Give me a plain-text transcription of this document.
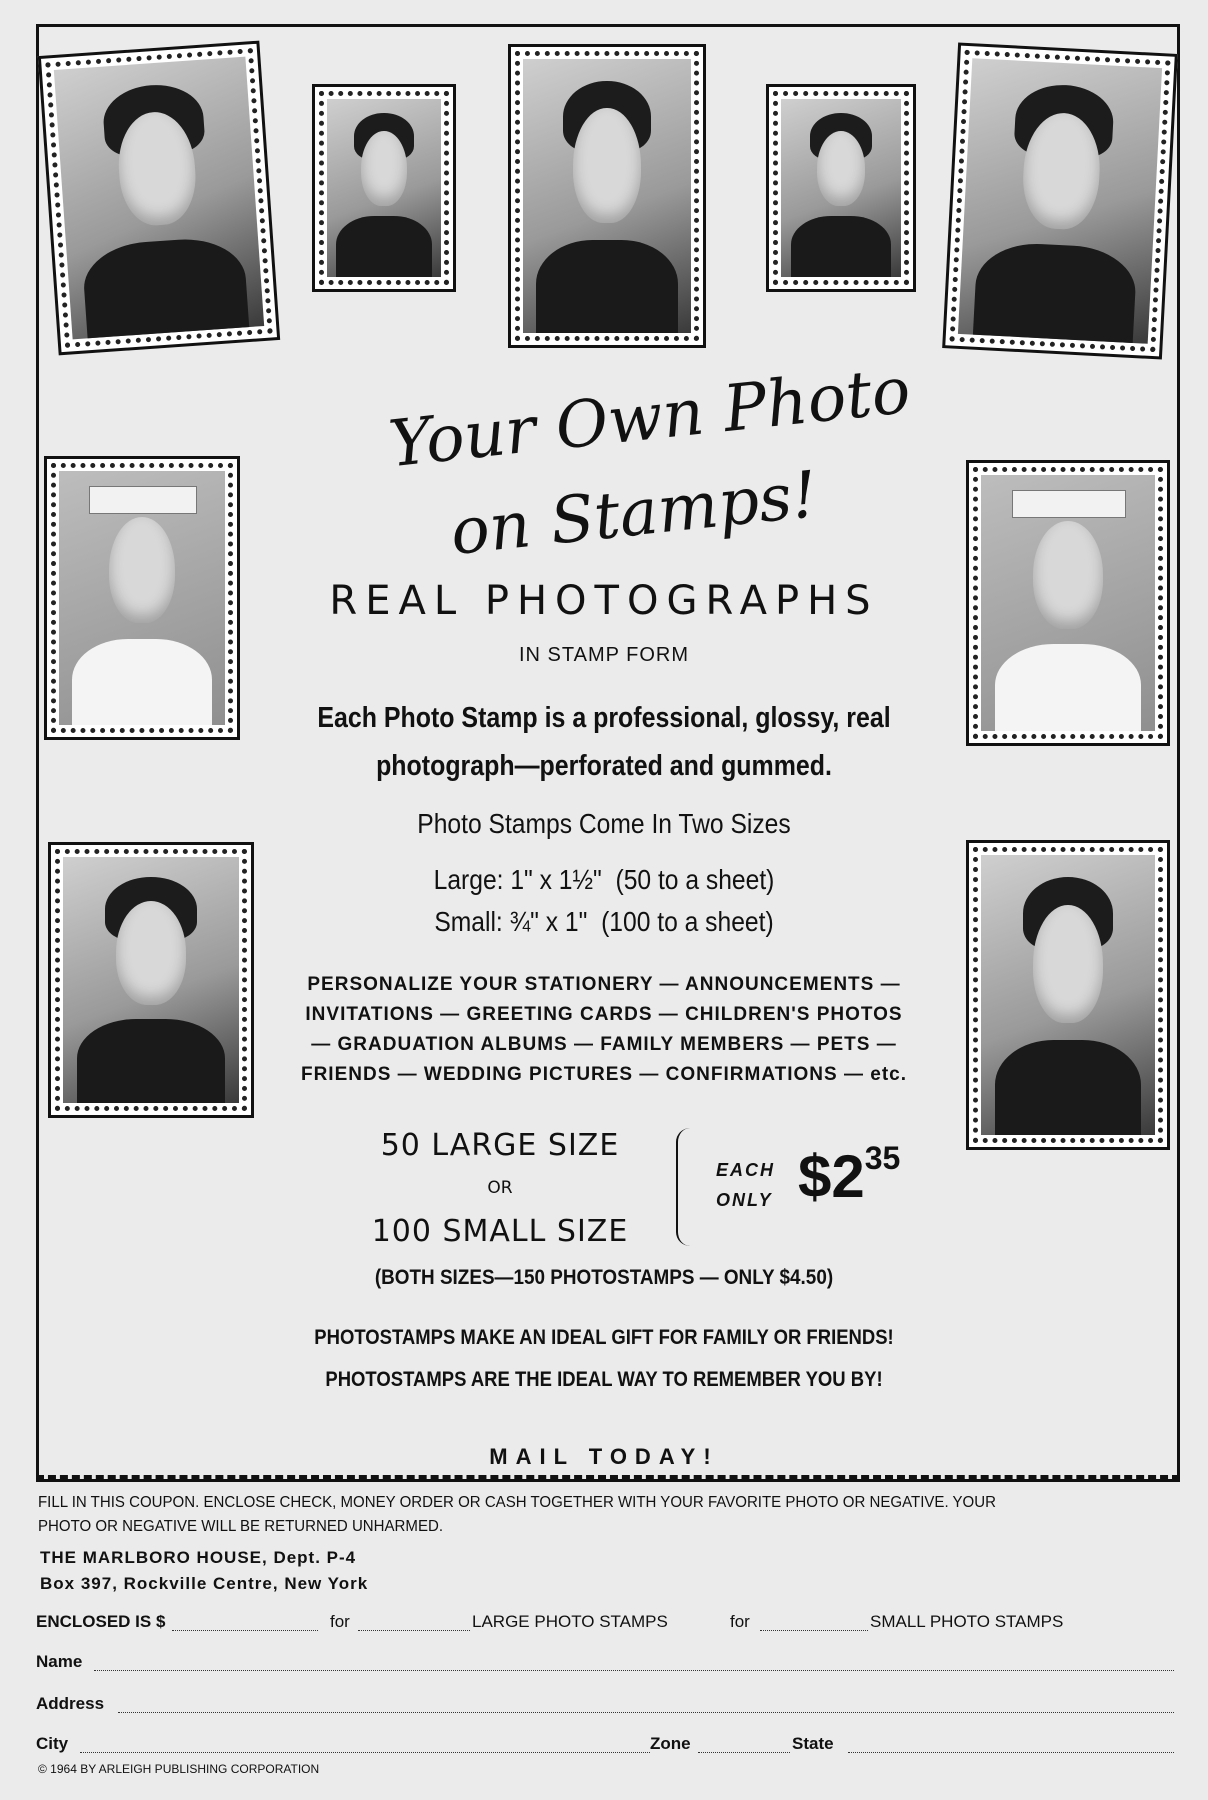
Your Own Photo
on Stamps!
REAL PHOTOGRAPHS
IN STAMP FORM
Each Photo Stamp is a professional, glossy, real
photograph—perforated and gummed.
Photo Stamps Come In Two Sizes
Large: 1" x 1½"  (50 to a sheet)
Small: ¾" x 1"  (100 to a sheet)
PERSONALIZE YOUR STATIONERY — ANNOUNCEMENTS —
INVITATIONS — GREETING CARDS — CHILDREN'S PHOTOS
— GRADUATION ALBUMS — FAMILY MEMBERS — PETS —
FRIENDS — WEDDING PICTURES — CONFIRMATIONS — etc.
50 LARGE SIZE
OR
100 SMALL SIZE
EACH
ONLY $235
(BOTH SIZES—150 PHOTOSTAMPS — ONLY $4.50)
PHOTOSTAMPS MAKE AN IDEAL GIFT FOR FAMILY OR FRIENDS!
PHOTOSTAMPS ARE THE IDEAL WAY TO REMEMBER YOU BY!
MAIL TODAY!
FILL IN THIS COUPON. ENCLOSE CHECK, MONEY ORDER OR CASH TOGETHER WITH YOUR FAVORITE PHOTO OR NEGATIVE. YOUR
PHOTO OR NEGATIVE WILL BE RETURNED UNHARMED.
THE MARLBORO HOUSE, Dept. P-4
Box 397, Rockville Centre, New York
ENCLOSED IS $	for	LARGE PHOTO STAMPS	for	SMALL PHOTO STAMPS
Name
Address
City	Zone	State
© 1964 BY ARLEIGH PUBLISHING CORPORATION
